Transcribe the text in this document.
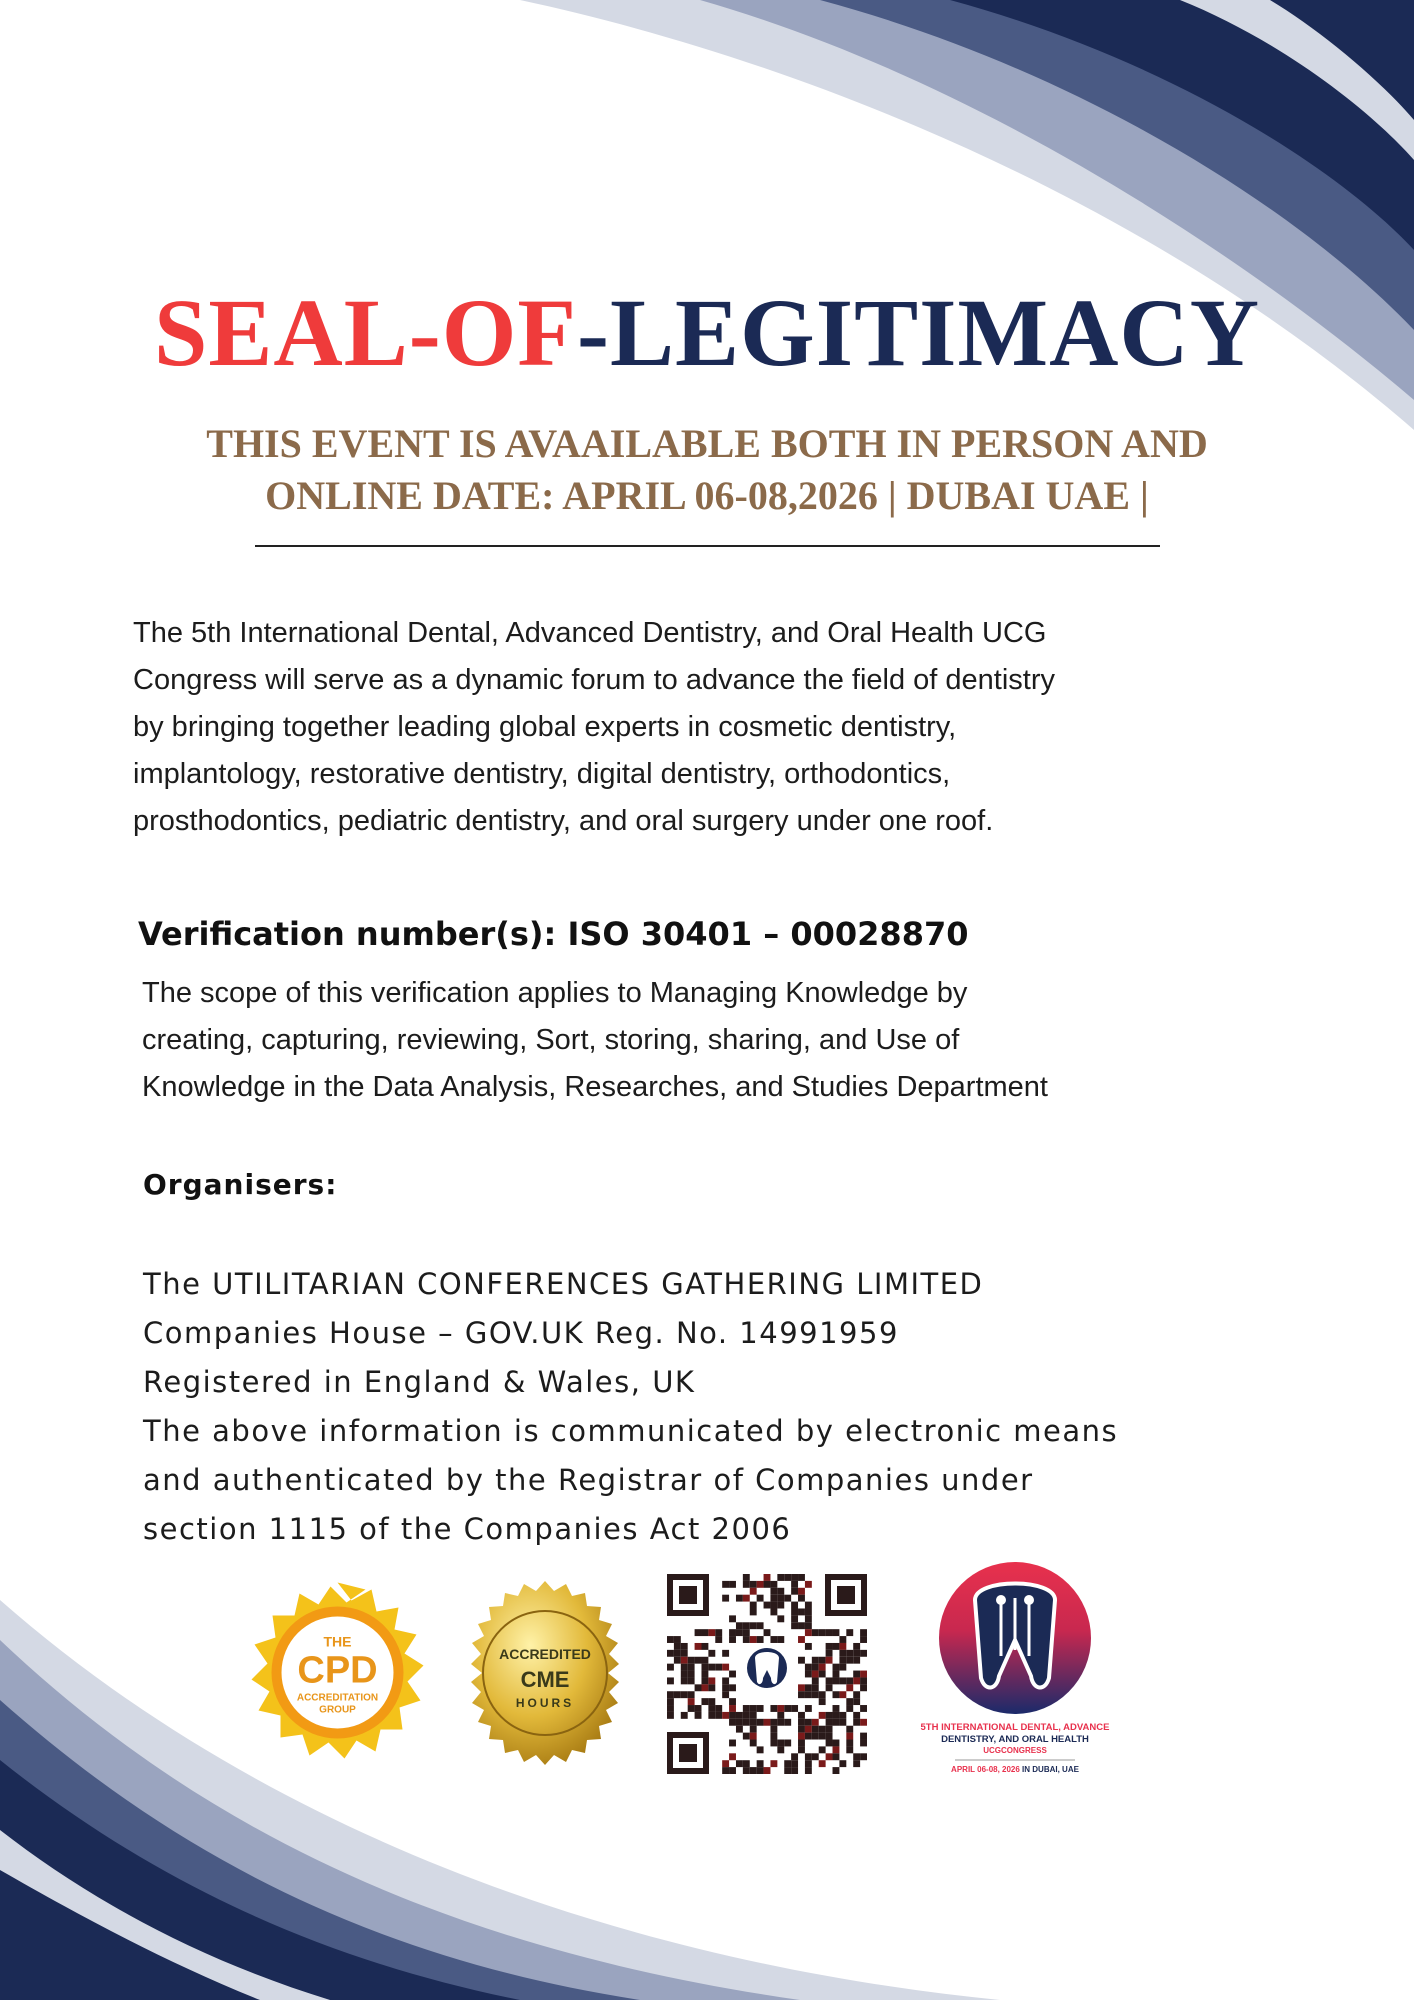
SEAL-OF-LEGITIMACY
THIS EVENT IS AVAAILABLE BOTH IN PERSON AND
ONLINE DATE: APRIL 06-08,2026 | DUBAI UAE |
The 5th International Dental, Advanced Dentistry, and Oral Health UCG
Congress will serve as a dynamic forum to advance the field of dentistry
by bringing together leading global experts in cosmetic dentistry,
implantology, restorative dentistry, digital dentistry, orthodontics,
prosthodontics, pediatric dentistry, and oral surgery under one roof.
Verification number(s): ISO 30401 – 00028870
The scope of this verification applies to Managing Knowledge by
creating, capturing, reviewing, Sort, storing, sharing, and Use of
Knowledge in the Data Analysis, Researches, and Studies Department
Organisers:
The UTILITARIAN CONFERENCES GATHERING LIMITED
Companies House – GOV.UK Reg. No. 14991959
Registered in England & Wales, UK
The above information is communicated by electronic means
and authenticated by the Registrar of Companies under
section 1115 of the Companies Act 2006
THE
CPD
ACCREDITATION
GROUP
ACCREDITED
CME
HOURS
5TH INTERNATIONAL DENTAL, ADVANCE
DENTISTRY, AND ORAL HEALTH
UCGCONGRESS
APRIL 06-08, 2026 IN DUBAI, UAE
